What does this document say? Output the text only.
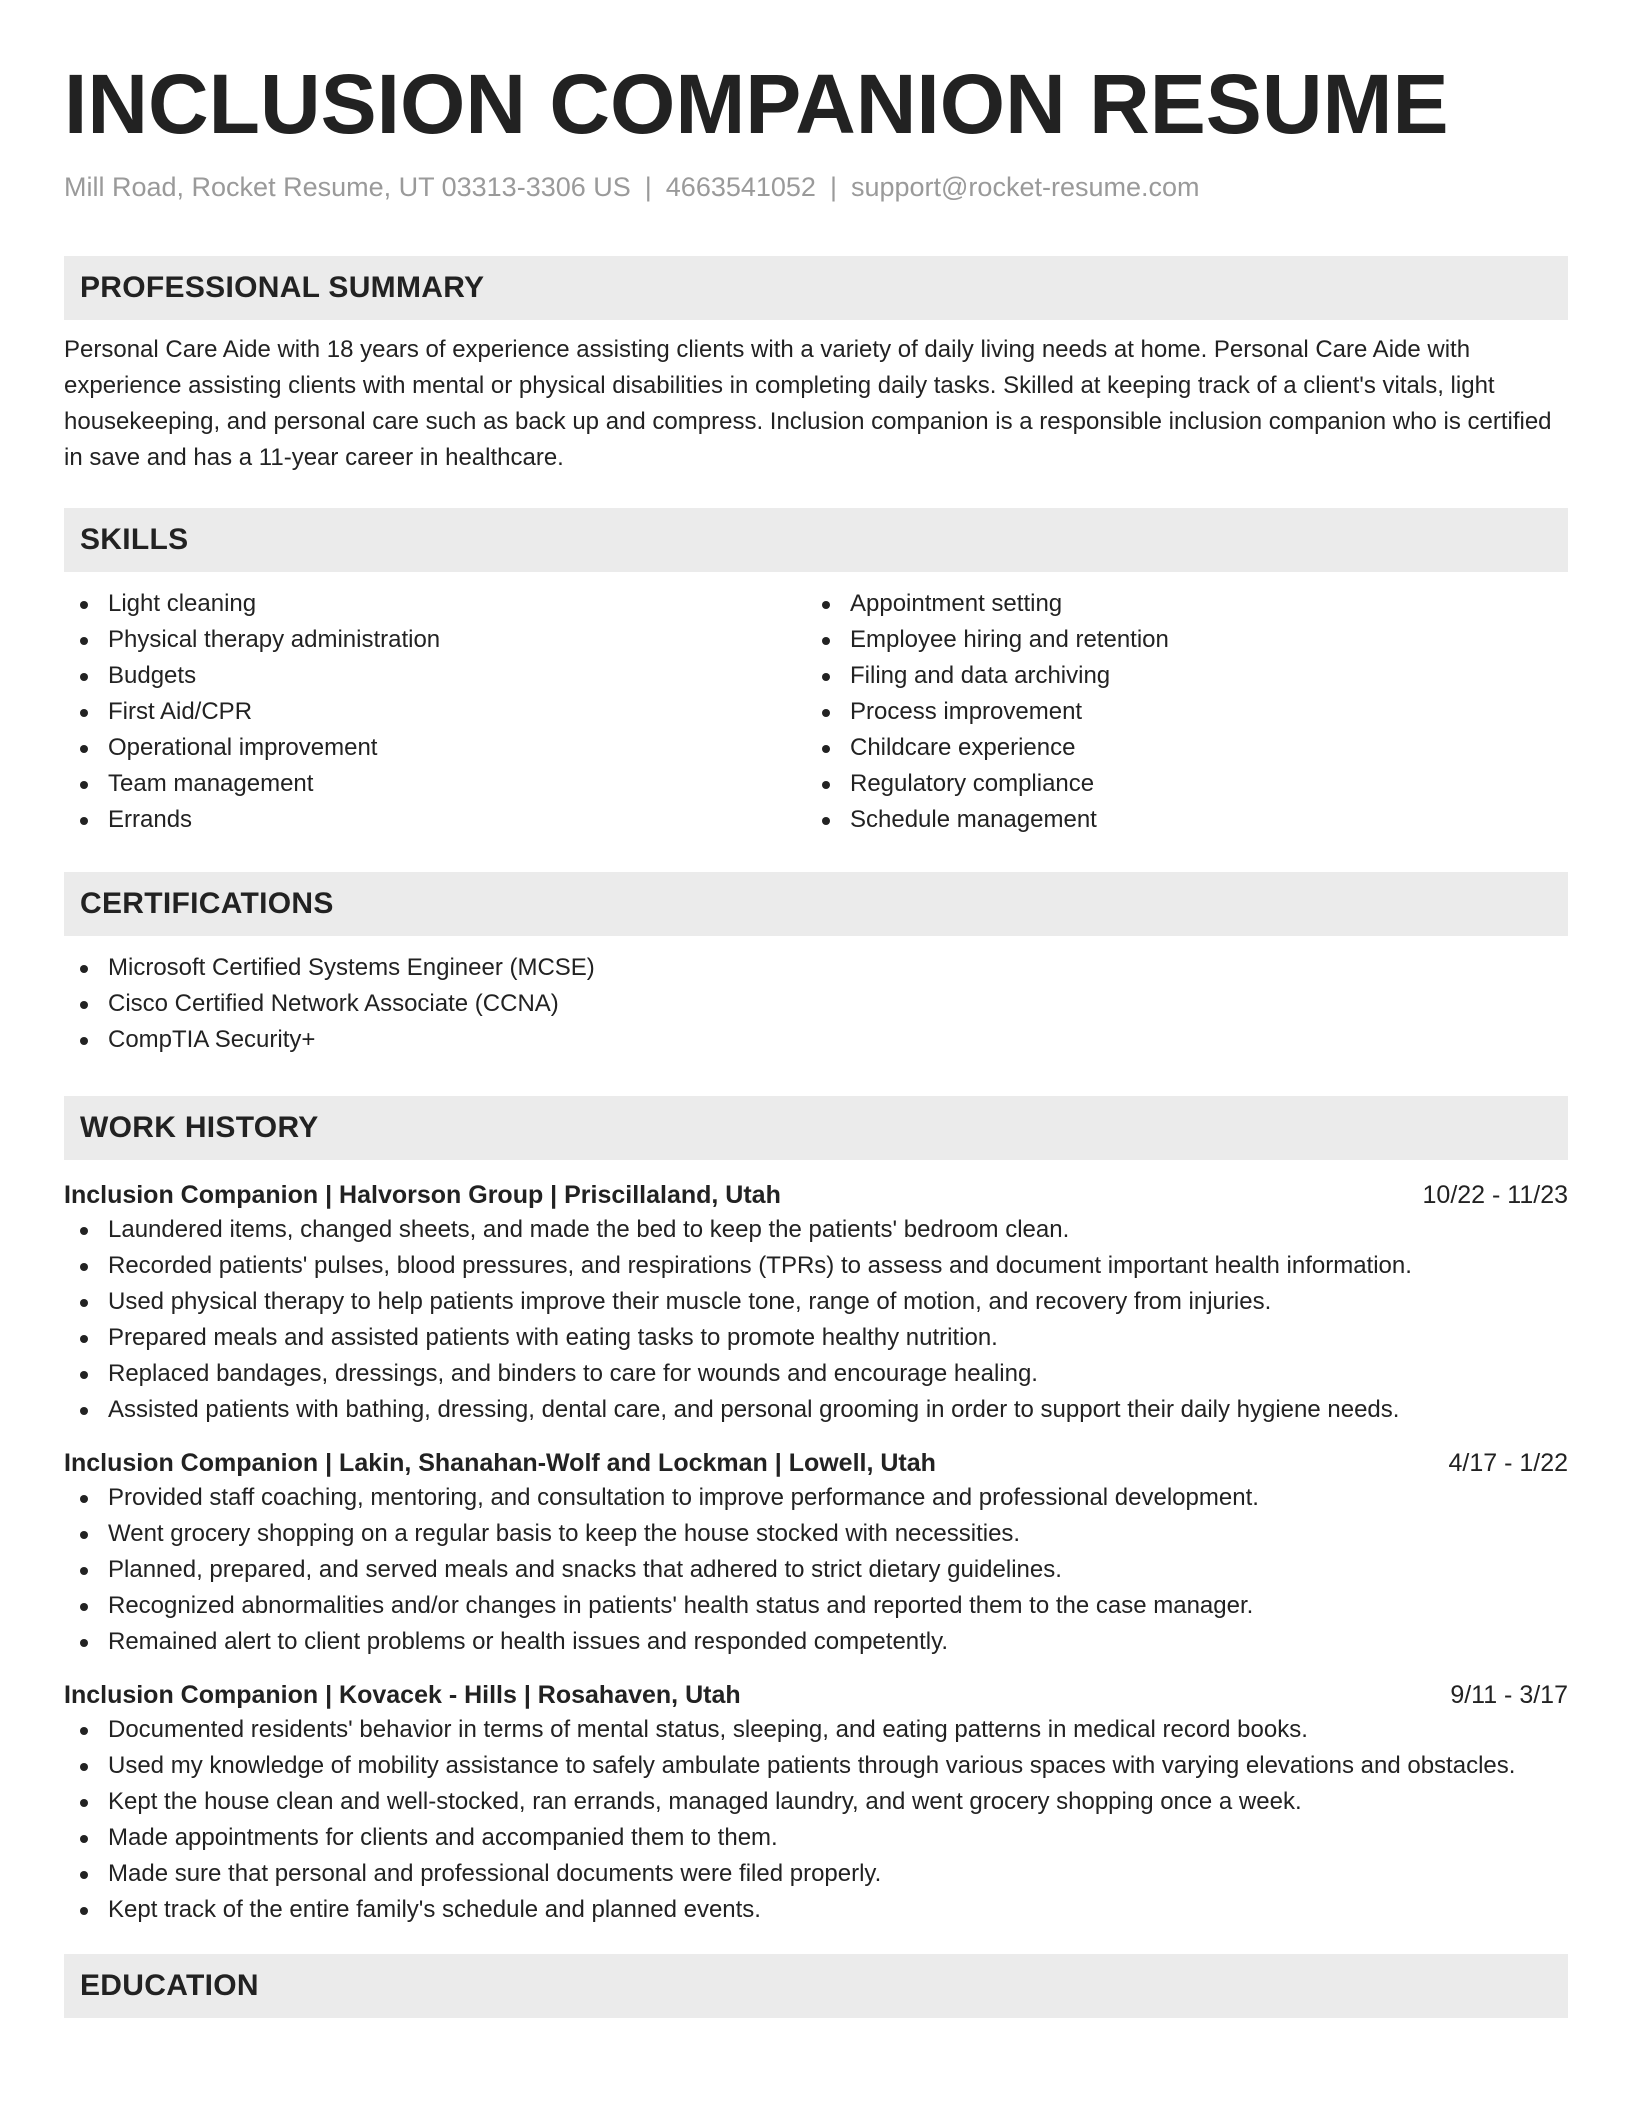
INCLUSION COMPANION RESUME
Mill Road, Rocket Resume, UT 03313-3306 US | 4663541052 | support@rocket-resume.com
PROFESSIONAL SUMMARY

Personal Care Aide with 18 years of experience assisting clients with a variety of daily living needs at home. Personal Care Aide with experience assisting clients with mental or physical disabilities in completing daily tasks. Skilled at keeping track of a client's vitals, light housekeeping, and personal care such as back up and compress. Inclusion companion is a responsible inclusion companion who is certified in save and has a 11-year career in healthcare.

SKILLS
Light cleaning
Physical therapy administration
Budgets
First Aid/CPR
Operational improvement
Team management
Errands
Appointment setting
Employee hiring and retention
Filing and data archiving
Process improvement
Childcare experience
Regulatory compliance
Schedule management
CERTIFICATIONS
Microsoft Certified Systems Engineer (MCSE)
Cisco Certified Network Associate (CCNA)
CompTIA Security+
WORK HISTORY
Inclusion Companion | Halvorson Group | Priscillaland, Utah	10/22 - 11/23
Laundered items, changed sheets, and made the bed to keep the patients' bedroom clean.
Recorded patients' pulses, blood pressures, and respirations (TPRs) to assess and document important health information.
Used physical therapy to help patients improve their muscle tone, range of motion, and recovery from injuries.
Prepared meals and assisted patients with eating tasks to promote healthy nutrition.
Replaced bandages, dressings, and binders to care for wounds and encourage healing.
Assisted patients with bathing, dressing, dental care, and personal grooming in order to support their daily hygiene needs.
Inclusion Companion | Lakin, Shanahan-Wolf and Lockman | Lowell, Utah	4/17 - 1/22
Provided staff coaching, mentoring, and consultation to improve performance and professional development.
Went grocery shopping on a regular basis to keep the house stocked with necessities.
Planned, prepared, and served meals and snacks that adhered to strict dietary guidelines.
Recognized abnormalities and/or changes in patients' health status and reported them to the case manager.
Remained alert to client problems or health issues and responded competently.
Inclusion Companion | Kovacek - Hills | Rosahaven, Utah	9/11 - 3/17
Documented residents' behavior in terms of mental status, sleeping, and eating patterns in medical record books.
Used my knowledge of mobility assistance to safely ambulate patients through various spaces with varying elevations and obstacles.
Kept the house clean and well-stocked, ran errands, managed laundry, and went grocery shopping once a week.
Made appointments for clients and accompanied them to them.
Made sure that personal and professional documents were filed properly.
Kept track of the entire family's schedule and planned events.
EDUCATION
